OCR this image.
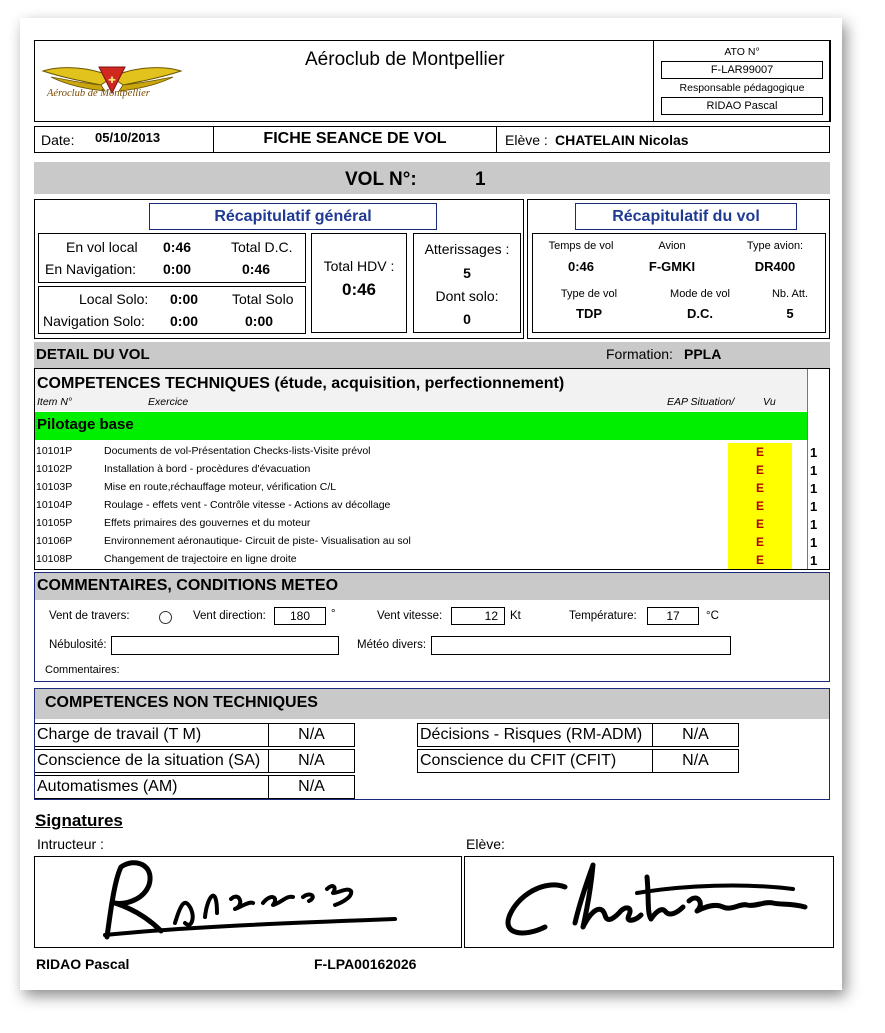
✚
Aéroclub de Montpellier
Aéroclub de Montpellier	ATO N°
F-LAR99007
Responsable pédagogique
RIDAO Pascal
Date: 05/10/2013	FICHE SEANCE DE VOL	Elève : CHATELAIN Nicolas
VOL N°:	1
Récapitulatif général
En vol local 0:46	Total D.C.
En Navigation: 0:00	0:46
Local Solo: 0:00 Total Solo
Navigation Solo: 0:00	0:00
Total HDV :
0:46
Atterissages :
5
Dont solo:
0
Récapitulatif du vol
Temps de vol	Avion	Type avion:
0:46	F-GMKI	DR400
Type de vol	Mode de vol	Nb. Att.
TDP	D.C.	5
DETAIL DU VOL	Formation: PPLA
COMPETENCES TECHNIQUES (étude, acquisition, perfectionnement)
Item N°	Exercice	EAP Situation/	Vu
Pilotage base
10101P	Documents de vol-Présentation Checks-lists-Visite prévol	E	1
10102P	Installation à bord - procèdures d'évacuation	E	1
10103P	Mise en route,réchauffage moteur, vérification C/L	E	1
10104P	Roulage - effets vent - Contrôle vitesse - Actions av décollage	E	1
10105P	Effets primaires des gouvernes et du moteur	E	1
10106P	Environnement aéronautique- Circuit de piste- Visualisation au sol	E	1
10108P	Changement de trajectoire en ligne droite	E	1
COMMENTAIRES, CONDITIONS METEO
Vent de travers:	Vent direction:	180	°	Vent vitesse:	12	Kt	Température:	17	°C
Nébulosité:	Météo divers:
Commentaires:
COMPETENCES NON TECHNIQUES
Charge de travail (T M)	N/A
Conscience de la situation (SA)	N/A
Automatismes (AM)	N/A
Décisions - Risques (RM-ADM)	N/A
Conscience du CFIT (CFIT)	N/A
Signatures
Intructeur :	Elève:
RIDAO Pascal	F-LPA00162026
